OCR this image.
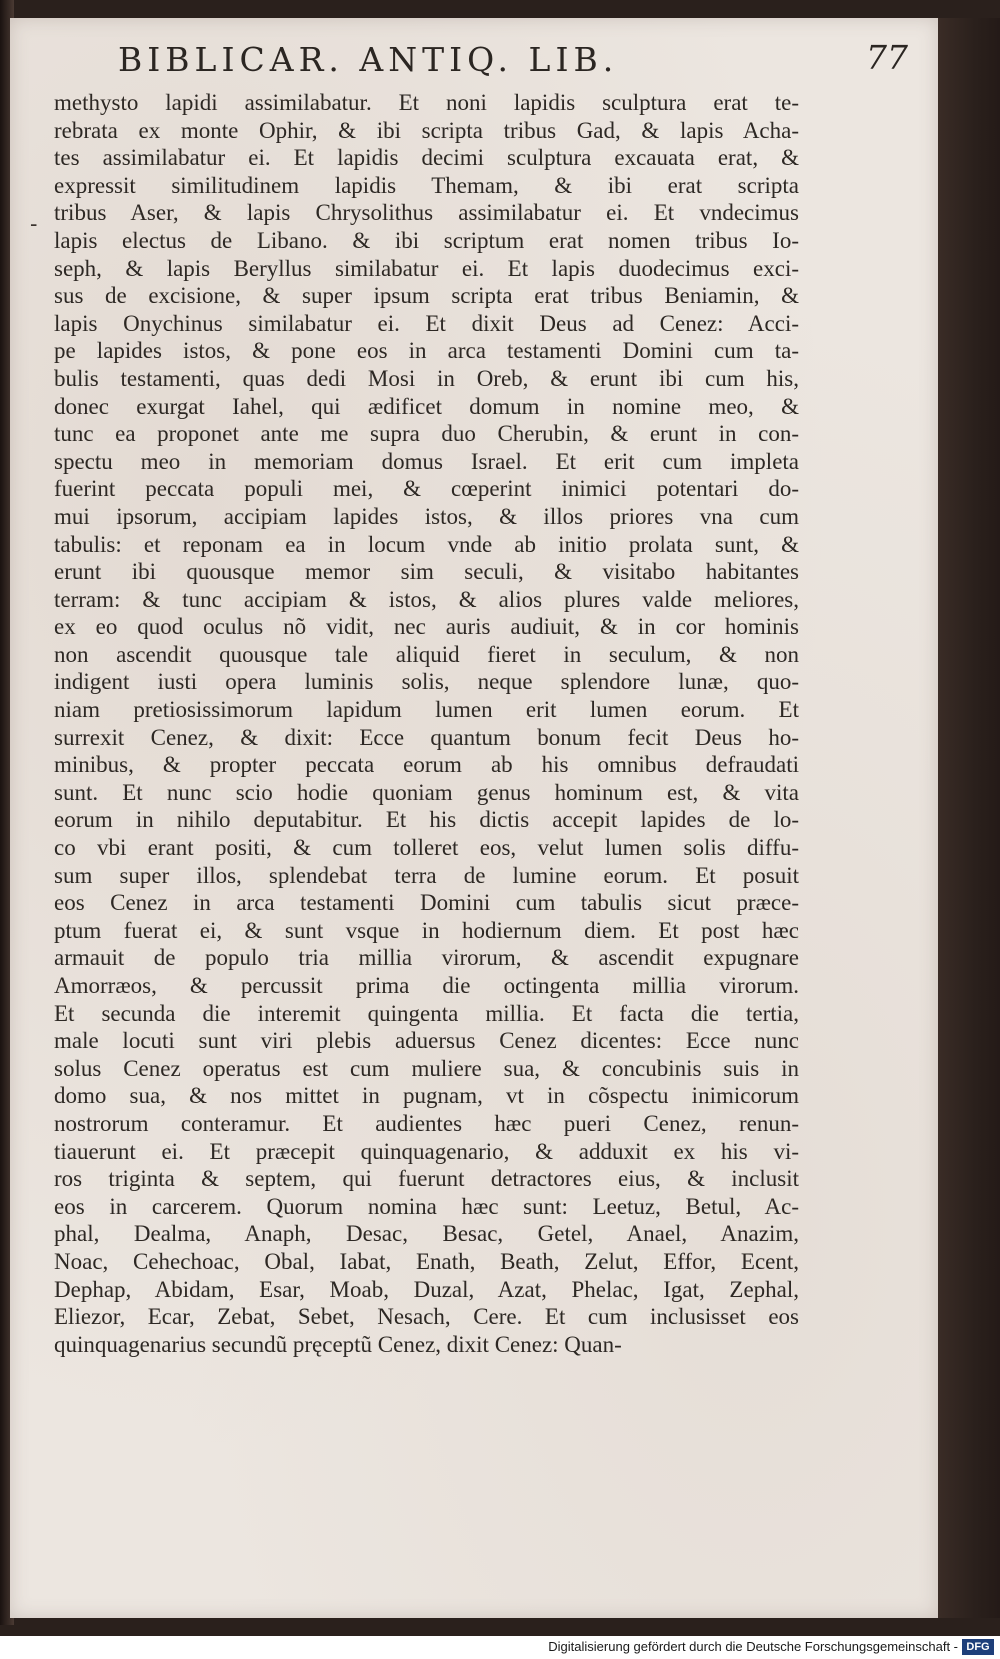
BIBLICAR. ANTIQ. LIB.	77
-
methysto lapidi assimilabatur. Et noni lapidis sculptura erat te-
rebrata ex monte Ophir, & ibi scripta tribus Gad, & lapis Acha-
tes assimilabatur ei. Et lapidis decimi sculptura excauata erat, &
expressit similitudinem lapidis Themam, & ibi erat scripta
tribus Aser, & lapis Chrysolithus assimilabatur ei. Et vndecimus
lapis electus de Libano. & ibi scriptum erat nomen tribus Io-
seph, & lapis Beryllus similabatur ei. Et lapis duodecimus exci-
sus de excisione, & super ipsum scripta erat tribus Beniamin, &
lapis Onychinus similabatur ei. Et dixit Deus ad Cenez: Acci-
pe lapides istos, & pone eos in arca testamenti Domini cum ta-
bulis testamenti, quas dedi Mosi in Oreb, & erunt ibi cum his,
donec exurgat Iahel, qui ædificet domum in nomine meo, &
tunc ea proponet ante me supra duo Cherubin, & erunt in con-
spectu meo in memoriam domus Israel. Et erit cum impleta
fuerint peccata populi mei, & cœperint inimici potentari do-
mui ipsorum, accipiam lapides istos, & illos priores vna cum
tabulis: et reponam ea in locum vnde ab initio prolata sunt, &
erunt ibi quousque memor sim seculi, & visitabo habitantes
terram: & tunc accipiam & istos, & alios plures valde meliores,
ex eo quod oculus nõ vidit, nec auris audiuit, & in cor hominis
non ascendit quousque tale aliquid fieret in seculum, & non
indigent iusti opera luminis solis, neque splendore lunæ, quo-
niam pretiosissimorum lapidum lumen erit lumen eorum. Et
surrexit Cenez, & dixit: Ecce quantum bonum fecit Deus ho-
minibus, & propter peccata eorum ab his omnibus defraudati
sunt. Et nunc scio hodie quoniam genus hominum est, & vita
eorum in nihilo deputabitur. Et his dictis accepit lapides de lo-
co vbi erant positi, & cum tolleret eos, velut lumen solis diffu-
sum super illos, splendebat terra de lumine eorum. Et posuit
eos Cenez in arca testamenti Domini cum tabulis sicut præce-
ptum fuerat ei, & sunt vsque in hodiernum diem. Et post hæc
armauit de populo tria millia virorum, & ascendit expugnare
Amorræos, & percussit prima die octingenta millia virorum.
Et secunda die interemit quingenta millia. Et facta die tertia,
male locuti sunt viri plebis aduersus Cenez dicentes: Ecce nunc
solus Cenez operatus est cum muliere sua, & concubinis suis in
domo sua, & nos mittet in pugnam, vt in cõspectu inimicorum
nostrorum conteramur. Et audientes hæc pueri Cenez, renun-
tiauerunt ei. Et præcepit quinquagenario, & adduxit ex his vi-
ros triginta & septem, qui fuerunt detractores eius, & inclusit
eos in carcerem. Quorum nomina hæc sunt: Leetuz, Betul, Ac-
phal, Dealma, Anaph, Desac, Besac, Getel, Anael, Anazim,
Noac, Cehechoac, Obal, Iabat, Enath, Beath, Zelut, Effor, Ecent,
Dephap, Abidam, Esar, Moab, Duzal, Azat, Phelac, Igat, Zephal,
Eliezor, Ecar, Zebat, Sebet, Nesach, Cere. Et cum inclusisset eos
quinquagenarius secundũ pręceptũ Cenez, dixit Cenez: Quan-
Digitalisierung gefördert durch die Deutsche Forschungsgemeinschaft - DFG
